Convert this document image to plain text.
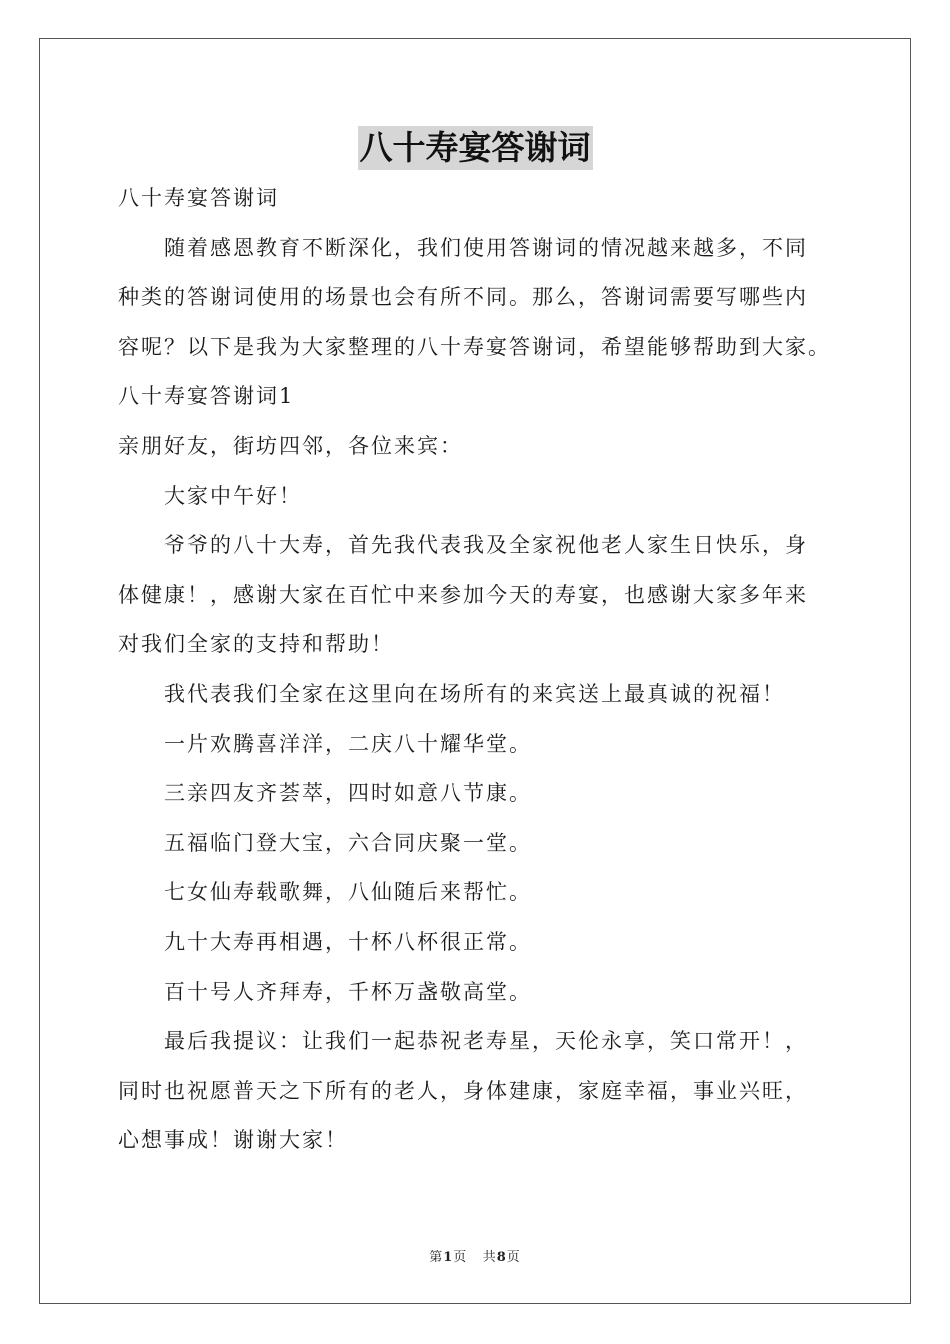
八十寿宴答谢词
八十寿宴答谢词
随着感恩教育不断深化，我们使用答谢词的情况越来越多，不同
种类的答谢词使用的场景也会有所不同。那么，答谢词需要写哪些内
容呢？以下是我为大家整理的八十寿宴答谢词，希望能够帮助到大家。
八十寿宴答谢词1
亲朋好友，街坊四邻，各位来宾：
大家中午好！
爷爷的八十大寿，首先我代表我及全家祝他老人家生日快乐，身
体健康！，感谢大家在百忙中来参加今天的寿宴，也感谢大家多年来
对我们全家的支持和帮助！
我代表我们全家在这里向在场所有的来宾送上最真诚的祝福！
一片欢腾喜洋洋，二庆八十耀华堂。
三亲四友齐荟萃，四时如意八节康。
五福临门登大宝，六合同庆聚一堂。
七女仙寿载歌舞，八仙随后来帮忙。
九十大寿再相遇，十杯八杯很正常。
百十号人齐拜寿，千杯万盏敬高堂。
最后我提议：让我们一起恭祝老寿星，天伦永享，笑口常开！，
同时也祝愿普天之下所有的老人，身体建康，家庭幸福，事业兴旺，
心想事成！谢谢大家！
第1页 共8页
